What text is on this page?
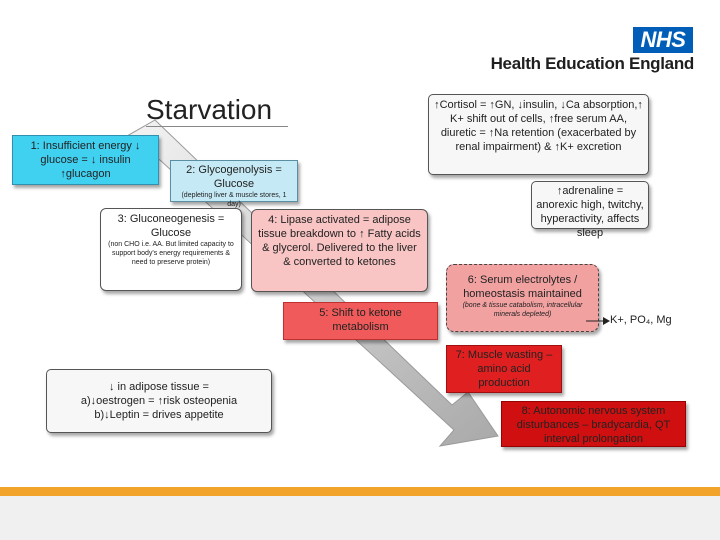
NHS
Health Education England
Starvation
1: Insufficient energy ↓ glucose = ↓ insulin ↑glucagon	2: Glycogenolysis = Glucose
(depleting liver & muscle stores, 1 day)
3: Gluconeogenesis = Glucose
(non CHO i.e. AA. But limited capacity to support body's energy requirements & need to preserve protein)
4: Lipase activated = adipose tissue breakdown to ↑ Fatty acids & glycerol. Delivered to the liver & converted to ketones
5: Shift to ketone metabolism
6: Serum electrolytes / homeostasis maintained
(bone & tissue catabolism, intracellular minerals depleted)	K+, PO₄, Mg
7: Muscle wasting – amino acid production
8: Autonomic nervous system disturbances – bradycardia, QT interval prolongation
↑Cortisol = ↑GN, ↓insulin, ↓Ca absorption,↑ K+ shift out of cells, ↑free serum AA, diuretic = ↑Na retention (exacerbated by renal impairment) & ↑K+ excretion
↑adrenaline = anorexic high, twitchy, hyperactivity, affects sleep
↓ in adipose tissue =
a)↓oestrogen = ↑risk osteopenia
b)↓Leptin = drives appetite
